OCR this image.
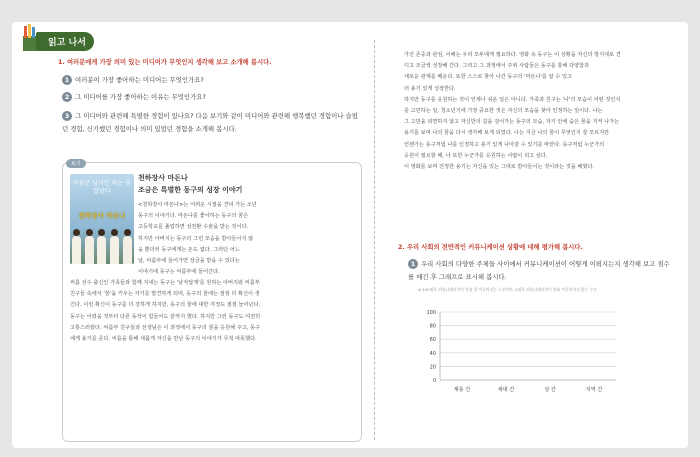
읽고 나서
1. 여러분에게 가장 의미 있는 미디어가 무엇인지 생각해 보고 소개해 봅시다.
1 여러분이 가장 좋아하는 미디어는 무엇인가요?
2 그 미디어를 가장 좋아하는 이유는 무엇인가요?
3 그 미디어와 관련해 특별한 경험이 있나요? 다음 보기와 같이 미디어와 관련해 행복했던 경험이나 슬펐던 경험, 신기했던 경험이나 의미 있었던 경험을 소개해 봅시다.
보기
씨름은 남자만 하는 줄 알았다
천하장사 마돈나
천하장사 마돈나
조금은 특별한 동구의 성장 이야기
<천하장사 마돈나>는 어려운 시절을 견뎌 가는 소년
동구의 이야기다. 마돈나를 좋아하는 동구의 꿈은
고등학교를 졸업하면 성전환 수술을 받는 것이다.
하지만 아버지는 동구의 그런 모습을 받아들이지 않
을 뿐더러 동구에게는 돈도 없다. 그러던 어느
날, 씨름부에 들어가면 상금을 받을 수 있다는
이야기에 동구는 씨름부에 들어간다.
씨름 선수 출신인 가족들과 함께 지내는 동구는 '남자답게'를 원하는 아버지와 씨름부
친구들 속에서 '꿈'을 키우는 자기를 발견하게 되며, 동구의 꿈에는 점점 더 확신이 생
긴다. 이런 확신이 동구를 더 강하게 하지만, 동구의 꿈에 대한 걱정도 점점 늘어난다.
동구는 어렸을 적부터 다른 동작이 힘들어도 끝까지 했다. 하지만 그런 동구도 여전히
고통스러웠다. 씨름부 친구들과 선생님은 이 과정에서 동구의 꿈을 응원해 주고, 동구
에게 용기를 준다. 씨름을 통해 새롭게 자신을 만난 동구의 이야기가 무척 따뜻했다.
가진 존중과 관심, 이해는 우리 모두에게 필요하다. 영화 속 동구는 이 상황을 자신의 방식대로 견
디고 조금씩 성장해 간다. 그리고 그 과정에서 주위 사람들은 동구를 통해 다양함과
새로운 관계를 배운다. 또한 스스로 찾아 나간 동구의 '마돈나'를 알 수 있고
더 용기 있게 성장한다.
하지만 동구를 응원하는 것이 언제나 쉬운 일은 아니다. 가족과 친구는 '나'의 모습이 어떤 것인지
를 고민하는 일, 청소년기에 가장 중요한 것은 자신의 모습을 찾아 인정하는 일이다. 나는
그 고민을 외면하지 않고 자신만의 길을 걸어가는 동구의 모습, 자기 안에 숨은 꿈을 지켜 나가는
용기를 보며 나의 꿈을 다시 생각해 보게 되었다. 나는 지금 나의 꿈이 무엇인지 잘 모르지만
언젠가는 동구처럼 나를 인정하고 용기 있게 나아갈 수 있기를 바란다. 동구처럼 누군가의
응원이 필요할 때, 나 또한 누군가를 응원하는 사람이 되고 싶다.
이 영화를 보며 진정한 용기는 자신을 있는 그대로 받아들이는 것이라는 것을 배웠다.
2. 우리 사회의 전반적인 커뮤니케이션 상황에 대해 평가해 봅시다.
1 우리 사회의 다양한 주체들 사이에서 커뮤니케이션이 어떻게 이뤄지는지 생각해 보고 점수를 매긴 후 그래프로 표시해 봅시다.
※ 100점은 커뮤니케이션이 가장 잘 이루어지는 수준이며, 0점은 커뮤니케이션이 전혀 이루어지지 않는 수준
0
20
40
60
80
100
계층 간	세대 간	성 간	지역 간
